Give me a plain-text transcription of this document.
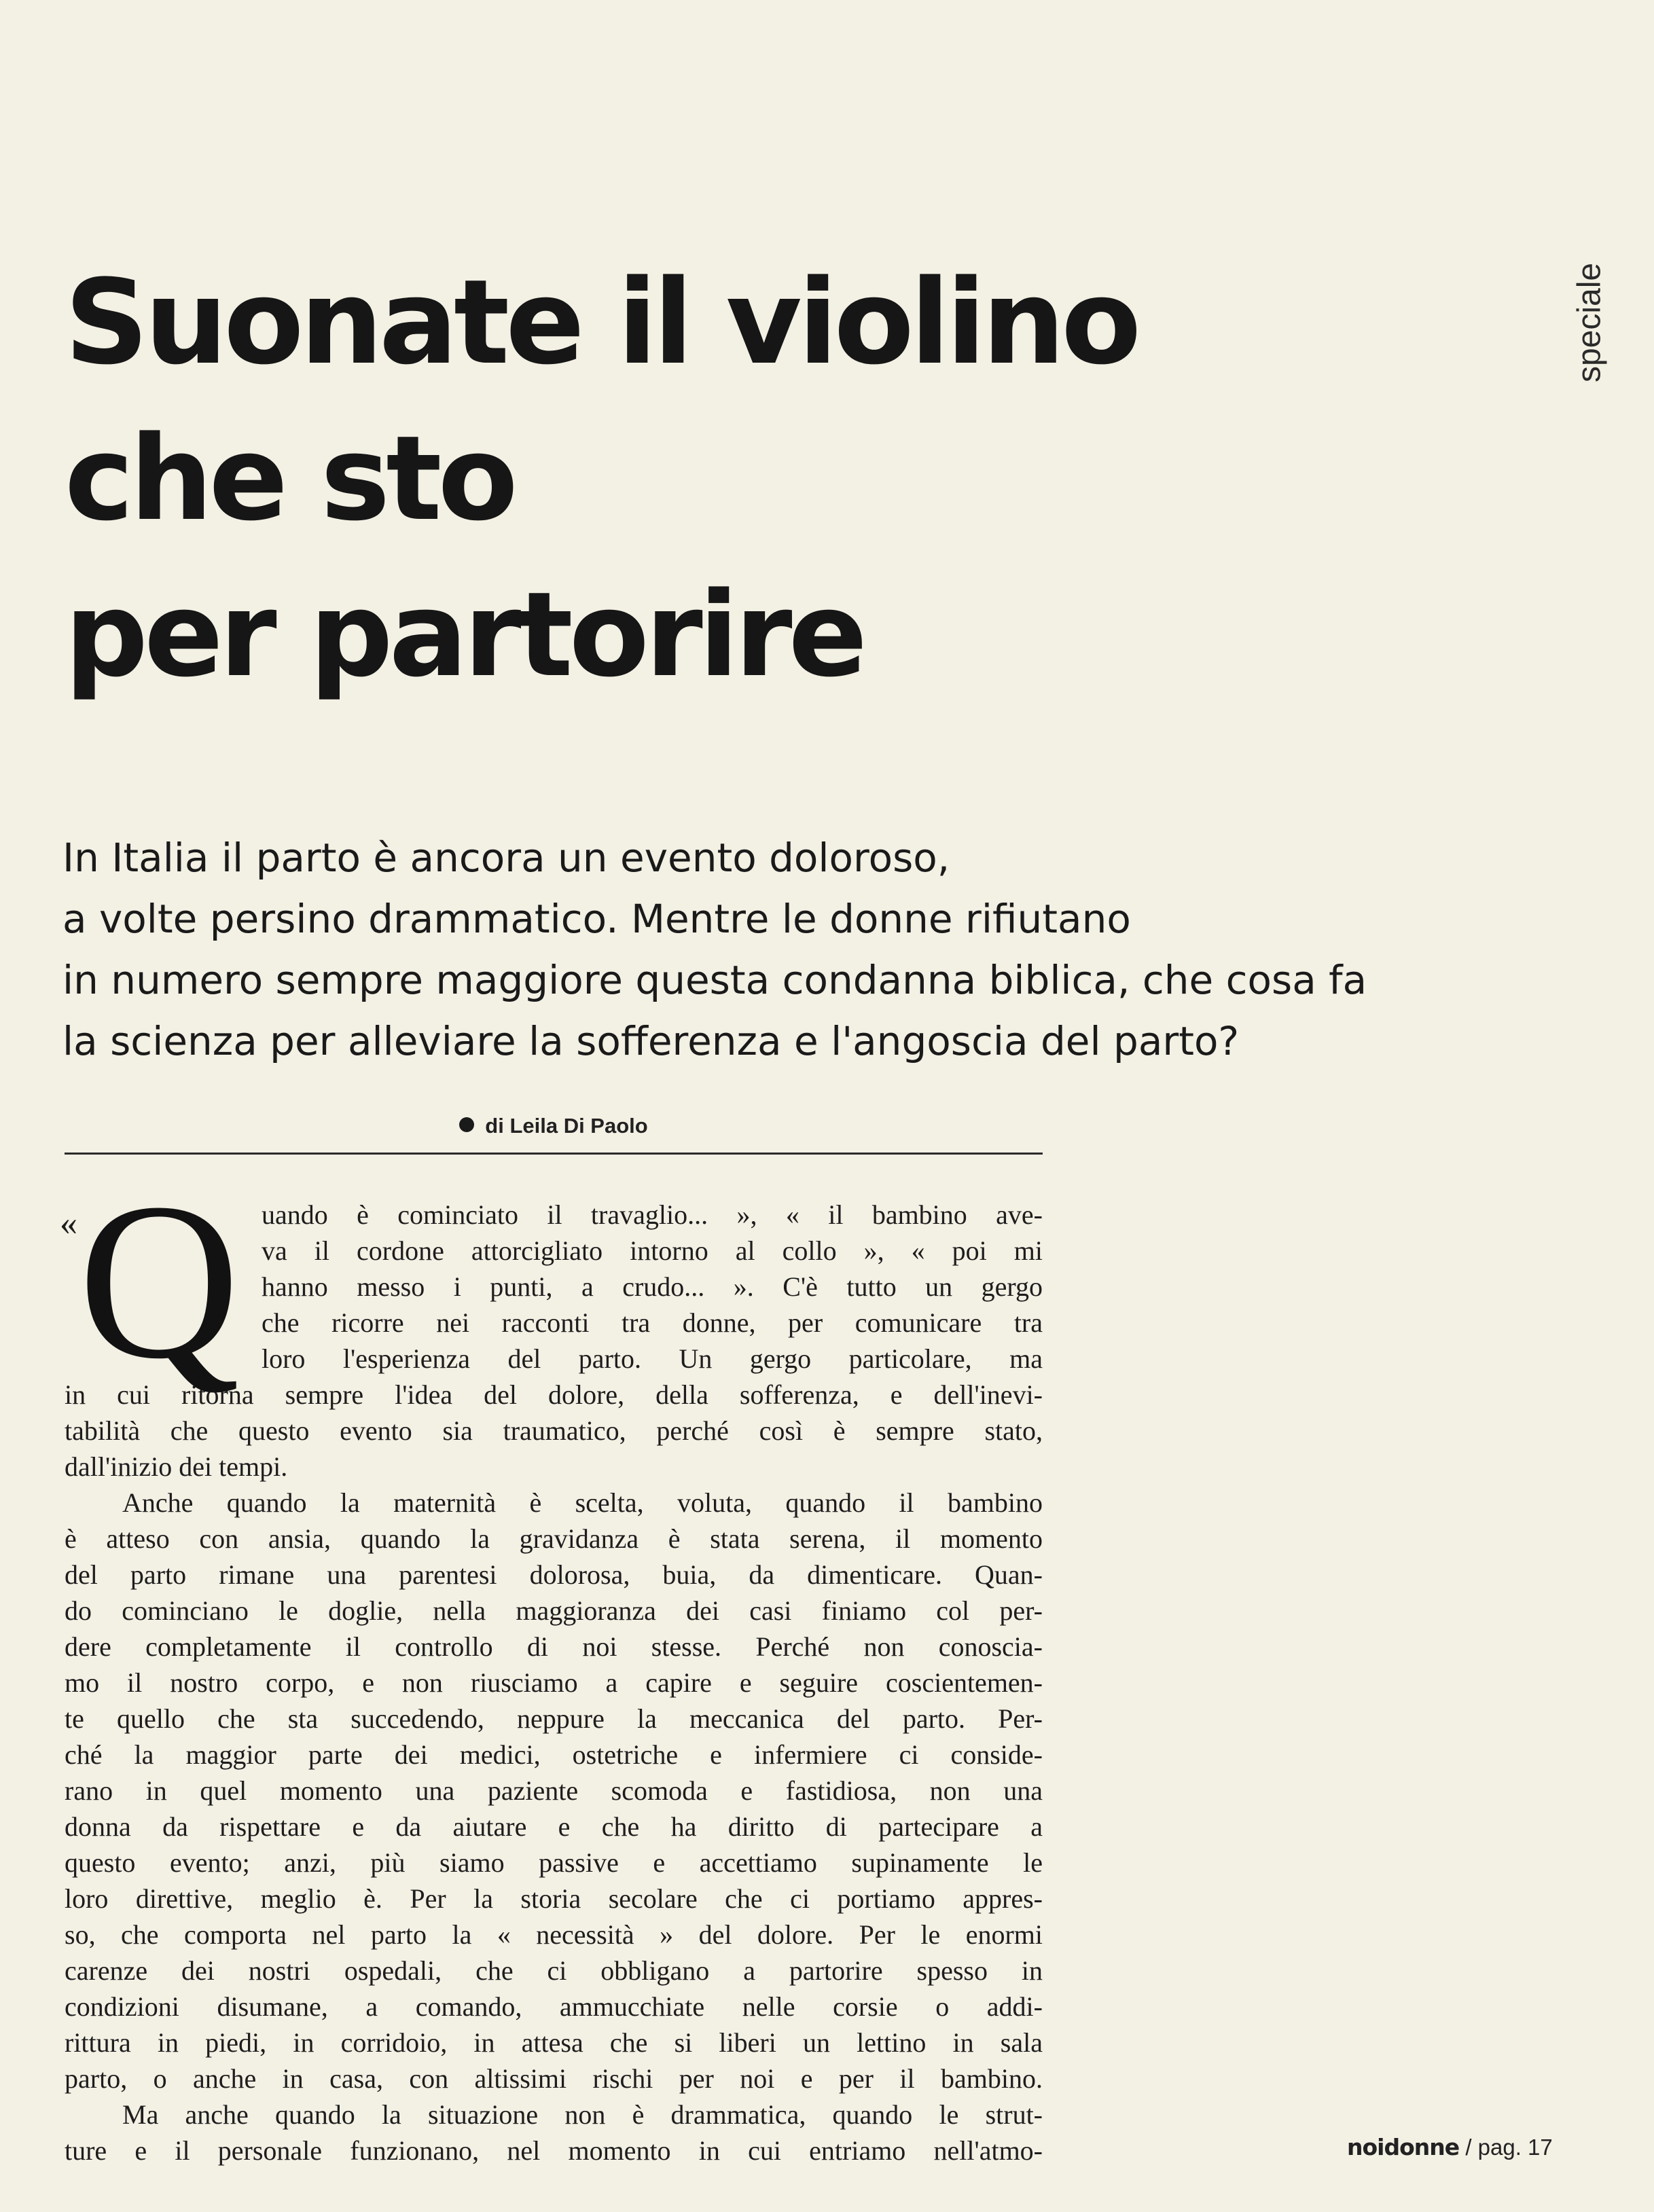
speciale
Suonate il violino
che sto
per partorire
In Italia il parto è ancora un evento doloroso,
a volte persino drammatico. Mentre le donne rifiutano
in numero sempre maggiore questa condanna biblica, che cosa fa
la scienza per alleviare la sofferenza e l'angoscia del parto?
di Leila Di Paolo
« Q uando è cominciato il travaglio... », « il bambino ave-
va il cordone attorcigliato intorno al collo », « poi mi
hanno messo i punti, a crudo... ». C'è tutto un gergo
che ricorre nei racconti tra donne, per comunicare tra
loro l'esperienza del parto. Un gergo particolare, ma
in cui ritorna sempre l'idea del dolore, della sofferenza, e dell'inevi-
tabilità che questo evento sia traumatico, perché così è sempre stato,
dall'inizio dei tempi.
Anche quando la maternità è scelta, voluta, quando il bambino
è atteso con ansia, quando la gravidanza è stata serena, il momento
del parto rimane una parentesi dolorosa, buia, da dimenticare. Quan-
do cominciano le doglie, nella maggioranza dei casi finiamo col per-
dere completamente il controllo di noi stesse. Perché non conoscia-
mo il nostro corpo, e non riusciamo a capire e seguire coscientemen-
te quello che sta succedendo, neppure la meccanica del parto. Per-
ché la maggior parte dei medici, ostetriche e infermiere ci conside-
rano in quel momento una paziente scomoda e fastidiosa, non una
donna da rispettare e da aiutare e che ha diritto di partecipare a
questo evento; anzi, più siamo passive e accettiamo supinamente le
loro direttive, meglio è. Per la storia secolare che ci portiamo appres-
so, che comporta nel parto la « necessità » del dolore. Per le enormi
carenze dei nostri ospedali, che ci obbligano a partorire spesso in
condizioni disumane, a comando, ammucchiate nelle corsie o addi-
rittura in piedi, in corridoio, in attesa che si liberi un lettino in sala
parto, o anche in casa, con altissimi rischi per noi e per il bambino.
Ma anche quando la situazione non è drammatica, quando le strut-
ture e il personale funzionano, nel momento in cui entriamo nell'atmo-	noidonne / pag. 17
